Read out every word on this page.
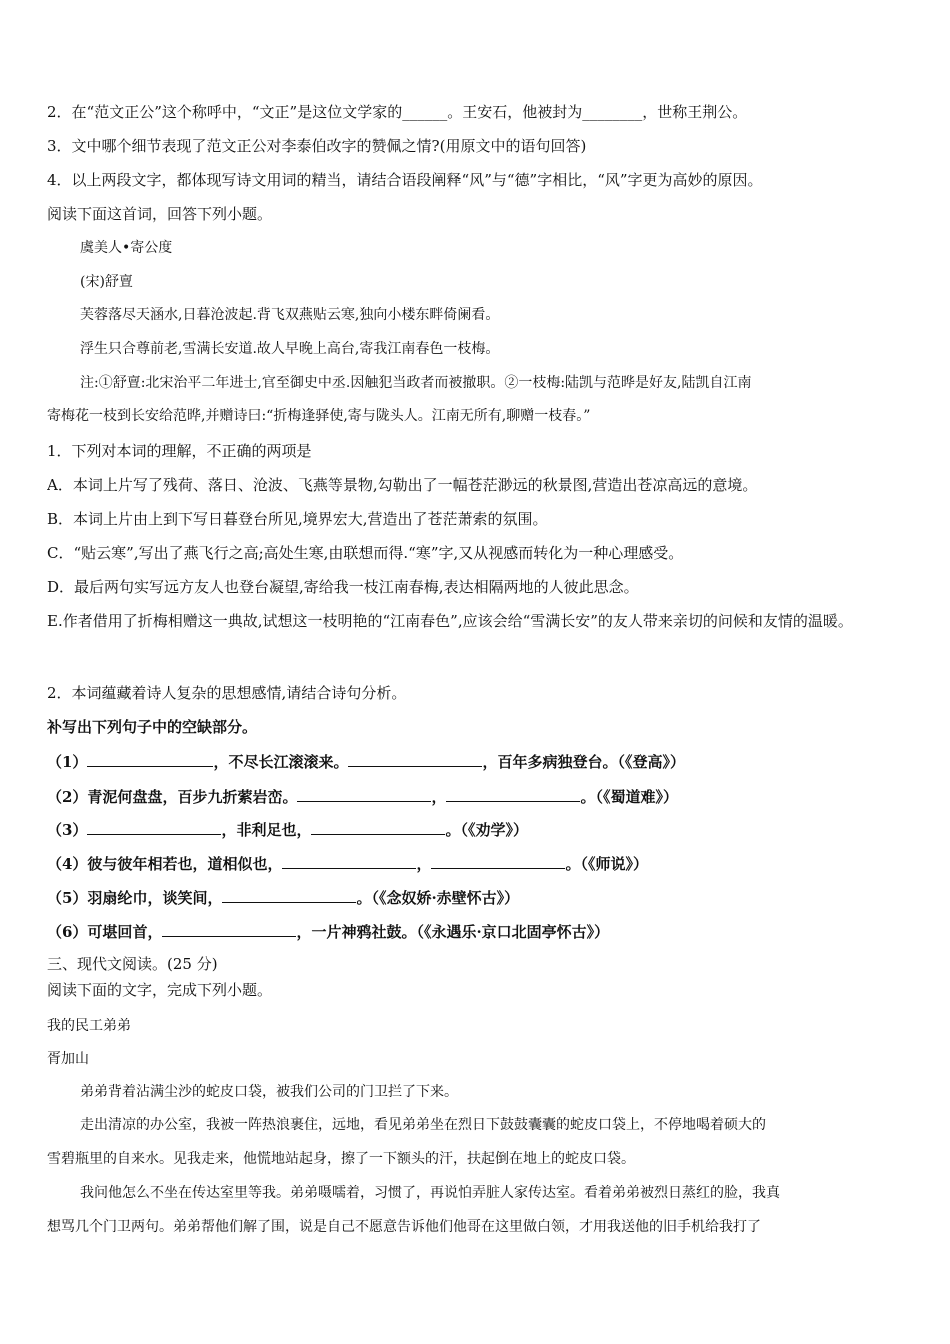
2．在“范文正公”这个称呼中，“文正”是这位文学家的______。王安石，他被封为________，世称王荆公。
3．文中哪个细节表现了范文正公对李泰伯改字的赞佩之情?(用原文中的语句回答)
4．以上两段文字，都体现写诗文用词的精当，请结合语段阐释“风”与“德”字相比，“风”字更为高妙的原因。
阅读下面这首词，回答下列小题。
虞美人•寄公度
(宋)舒亶
芙蓉落尽天涵水,日暮沧波起.背飞双燕贴云寒,独向小楼东畔倚阑看。
浮生只合尊前老,雪满长安道.故人早晚上高台,寄我江南春色一枝梅。
注:①舒亶:北宋治平二年进士,官至御史中丞.因触犯当政者而被撤职。②一枝梅:陆凯与范晔是好友,陆凯自江南
寄梅花一枝到长安给范晔,并赠诗曰:“折梅逢驿使,寄与陇头人。江南无所有,聊赠一枝春。”
1．下列对本词的理解，不正确的两项是
A．本词上片写了残荷、落日、沧波、飞燕等景物,勾勒出了一幅苍茫渺远的秋景图,营造出苍凉高远的意境。
B．本词上片由上到下写日暮登台所见,境界宏大,营造出了苍茫萧索的氛围。
C．“贴云寒”,写出了燕飞行之高;高处生寒,由联想而得.“寒”字,又从视感而转化为一种心理感受。
D．最后两句实写远方友人也登台凝望,寄给我一枝江南春梅,表达相隔两地的人彼此思念。
E.作者借用了折梅相赠这一典故,试想这一枝明艳的“江南春色”,应该会给“雪满长安”的友人带来亲切的问候和友情的温暖。
2．本词蕴藏着诗人复杂的思想感情,请结合诗句分析。
补写出下列句子中的空缺部分。
（1）	，不尽长江滚滚来。	，百年多病独登台。（《登高》）
（2）青泥何盘盘，百步九折萦岩峦。	，	。（《蜀道难》）
（3）	，非利足也，	。（《劝学》）
（4）彼与彼年相若也，道相似也，	，	。（《师说》）
（5）羽扇纶巾，谈笑间，	。（《念奴娇·赤壁怀古》）
（6）可堪回首，	，一片神鸦社鼓。（《永遇乐·京口北固亭怀古》）
三、现代文阅读。(25 分)
阅读下面的文字，完成下列小题。
我的民工弟弟
胥加山
弟弟背着沾满尘沙的蛇皮口袋，被我们公司的门卫拦了下来。
走出清凉的办公室，我被一阵热浪裹住，远地，看见弟弟坐在烈日下鼓鼓囊囊的蛇皮口袋上，不停地喝着硕大的
雪碧瓶里的自来水。见我走来，他慌地站起身，擦了一下额头的汗，扶起倒在地上的蛇皮口袋。
我问他怎么不坐在传达室里等我。弟弟嗫嚅着，习惯了，再说怕弄脏人家传达室。看着弟弟被烈日蒸红的脸，我真
想骂几个门卫两句。弟弟帮他们解了围，说是自己不愿意告诉他们他哥在这里做白领，才用我送他的旧手机给我打了
